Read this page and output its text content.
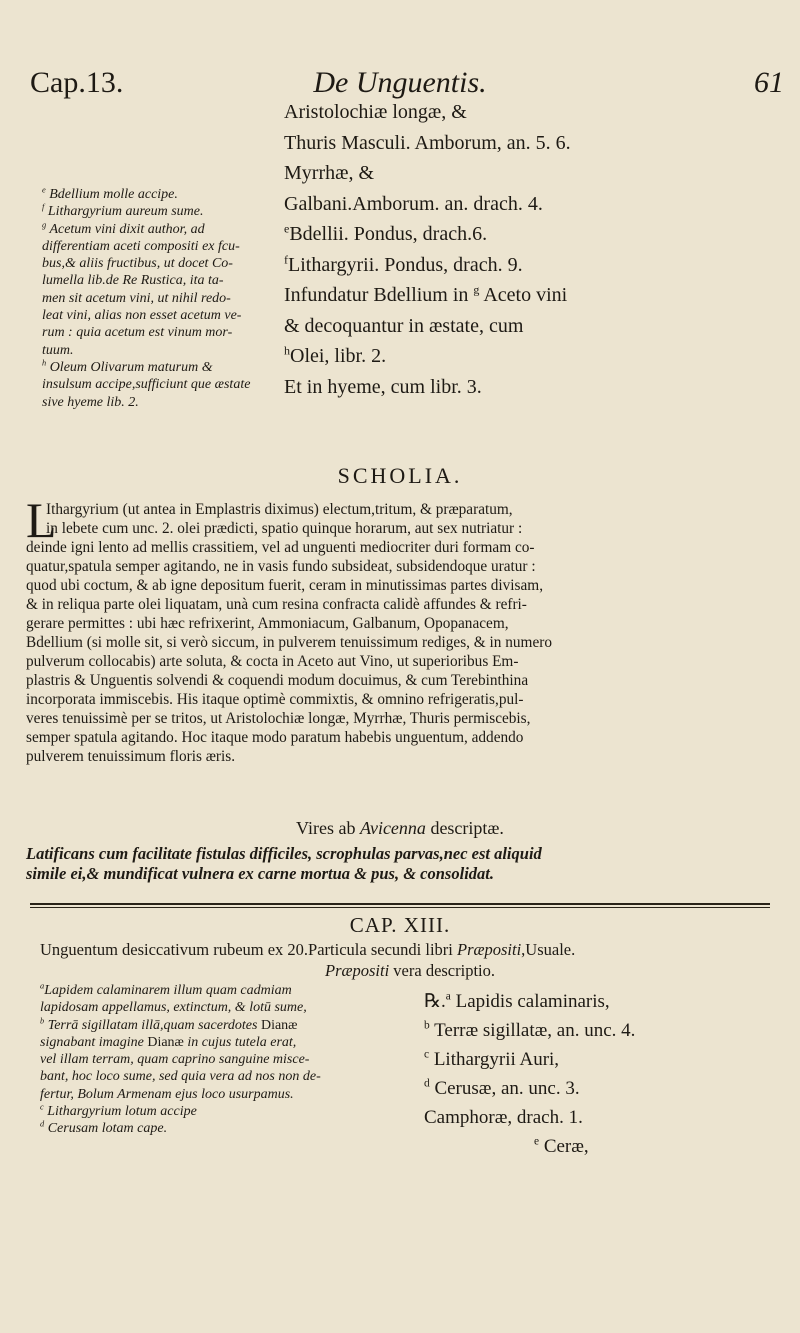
Cap.13.	De Unguentis.	61
$^e$ Bdellium molle accipe.
$^f$ Lithargyrium aureum sume.
$^g$ Acetum vini dixit author, ad
differentiam aceti compositi ex fcu-
bus,& aliis fructibus, ut docet Co-
lumella lib.de Re Rustica, ita ta-
men sit acetum vini, ut nihil redo-
leat vini, alias non esset acetum ve-
rum : quia acetum est vinum mor-
tuum.
$^h$ Oleum Olivarum maturum &
insulsum accipe,sufficiunt que æstate
sive hyeme lib. 2.
Aristolochiæ longæ, &
Thuris Masculi. Amborum, an. 5. 6.
Myrrhæ, &
Galbani.Amborum. an. drach. 4.
$^e$Bdellii. Pondus, drach.6.
$^f$Lithargyrii. Pondus, drach. 9.
Infundatur Bdellium in $^g$ Aceto vini
& decoquantur in æstate, cum
$^h$Olei, libr. 2.
Et in hyeme, cum libr. 3.
SCHOLIA.
L
Ithargyrium (ut antea in Emplastris diximus) electum,tritum, & præparatum,
in lebete cum unc. 2. olei prædicti, spatio quinque horarum, aut sex nutriatur :
deinde igni lento ad mellis crassitiem, vel ad unguenti mediocriter duri formam co-
quatur,spatula semper agitando, ne in vasis fundo subsideat, subsidendoque uratur :
quod ubi coctum, & ab igne depositum fuerit, ceram in minutissimas partes divisam,
& in reliqua parte olei liquatam, unà cum resina confracta calidè affundes & refri-
gerare permittes : ubi hæc refrixerint, Ammoniacum, Galbanum, Opopanacem,
Bdellium (si molle sit, si verò siccum, in pulverem tenuissimum rediges, & in numero
pulverum collocabis) arte soluta, & cocta in Aceto aut Vino, ut superioribus Em-
plastris & Unguentis solvendi & coquendi modum docuimus, & cum Terebinthina
incorporata immiscebis. His itaque optimè commixtis, & omnino refrigeratis,pul-
veres tenuissimè per se tritos, ut Aristolochiæ longæ, Myrrhæ, Thuris permiscebis,
semper spatula agitando. Hoc itaque modo paratum habebis unguentum, addendo
pulverem tenuissimum floris æris.
Vires ab Avicenna descriptæ.
Latificans cum facilitate fistulas difficiles, scrophulas parvas,nec est aliquid
simile ei,& mundificat vulnera ex carne mortua & pus, & consolidat.
CAP. XIII.
Unguentum desiccativum rubeum ex 20.Particula secundi libri Præpositi,Usuale.
Præpositi vera descriptio.
$^a$Lapidem calaminarem illum quam cadmiam
lapidosam appellamus, extinctum, & lotū sume,
$^b$ Terrā sigillatam illā,quam sacerdotes Dianæ
signabant imagine Dianæ in cujus tutela erat,
vel illam terram, quam caprino sanguine misce-
bant, hoc loco sume, sed quia vera ad nos non de-
fertur, Bolum Armenam ejus loco usurpamus.
$^c$ Lithargyrium lotum accipe
$^d$ Cerusam lotam cape.
℞.$^a$ Lapidis calaminaris,
$^b$ Terræ sigillatæ, an. unc. 4.
$^c$ Lithargyrii Auri,
$^d$ Cerusæ, an. unc. 3.
Camphoræ, drach. 1.
$^e$ Ceræ,
